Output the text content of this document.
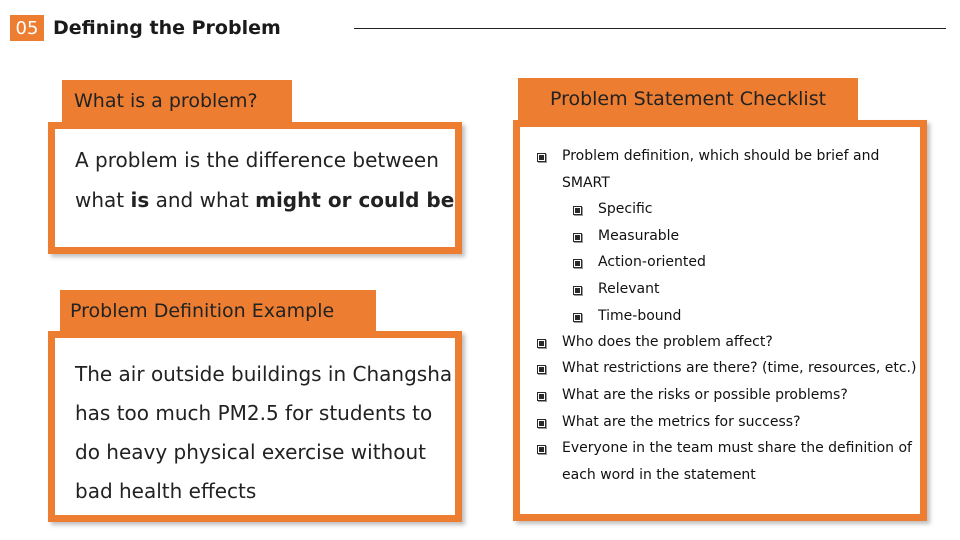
05 Defining the Problem
What is a problem?
A problem is the difference between
what is and what might or could be
Problem Definition Example
The air outside buildings in Changsha
has too much PM2.5 for students to
do heavy physical exercise without
bad health effects
Problem Statement Checklist
Problem definition, which should be brief and
SMART
Specific
Measurable
Action-oriented
Relevant
Time-bound
Who does the problem affect?
What restrictions are there? (time, resources, etc.)
What are the risks or possible problems?
What are the metrics for success?
Everyone in the team must share the definition of
each word in the statement
